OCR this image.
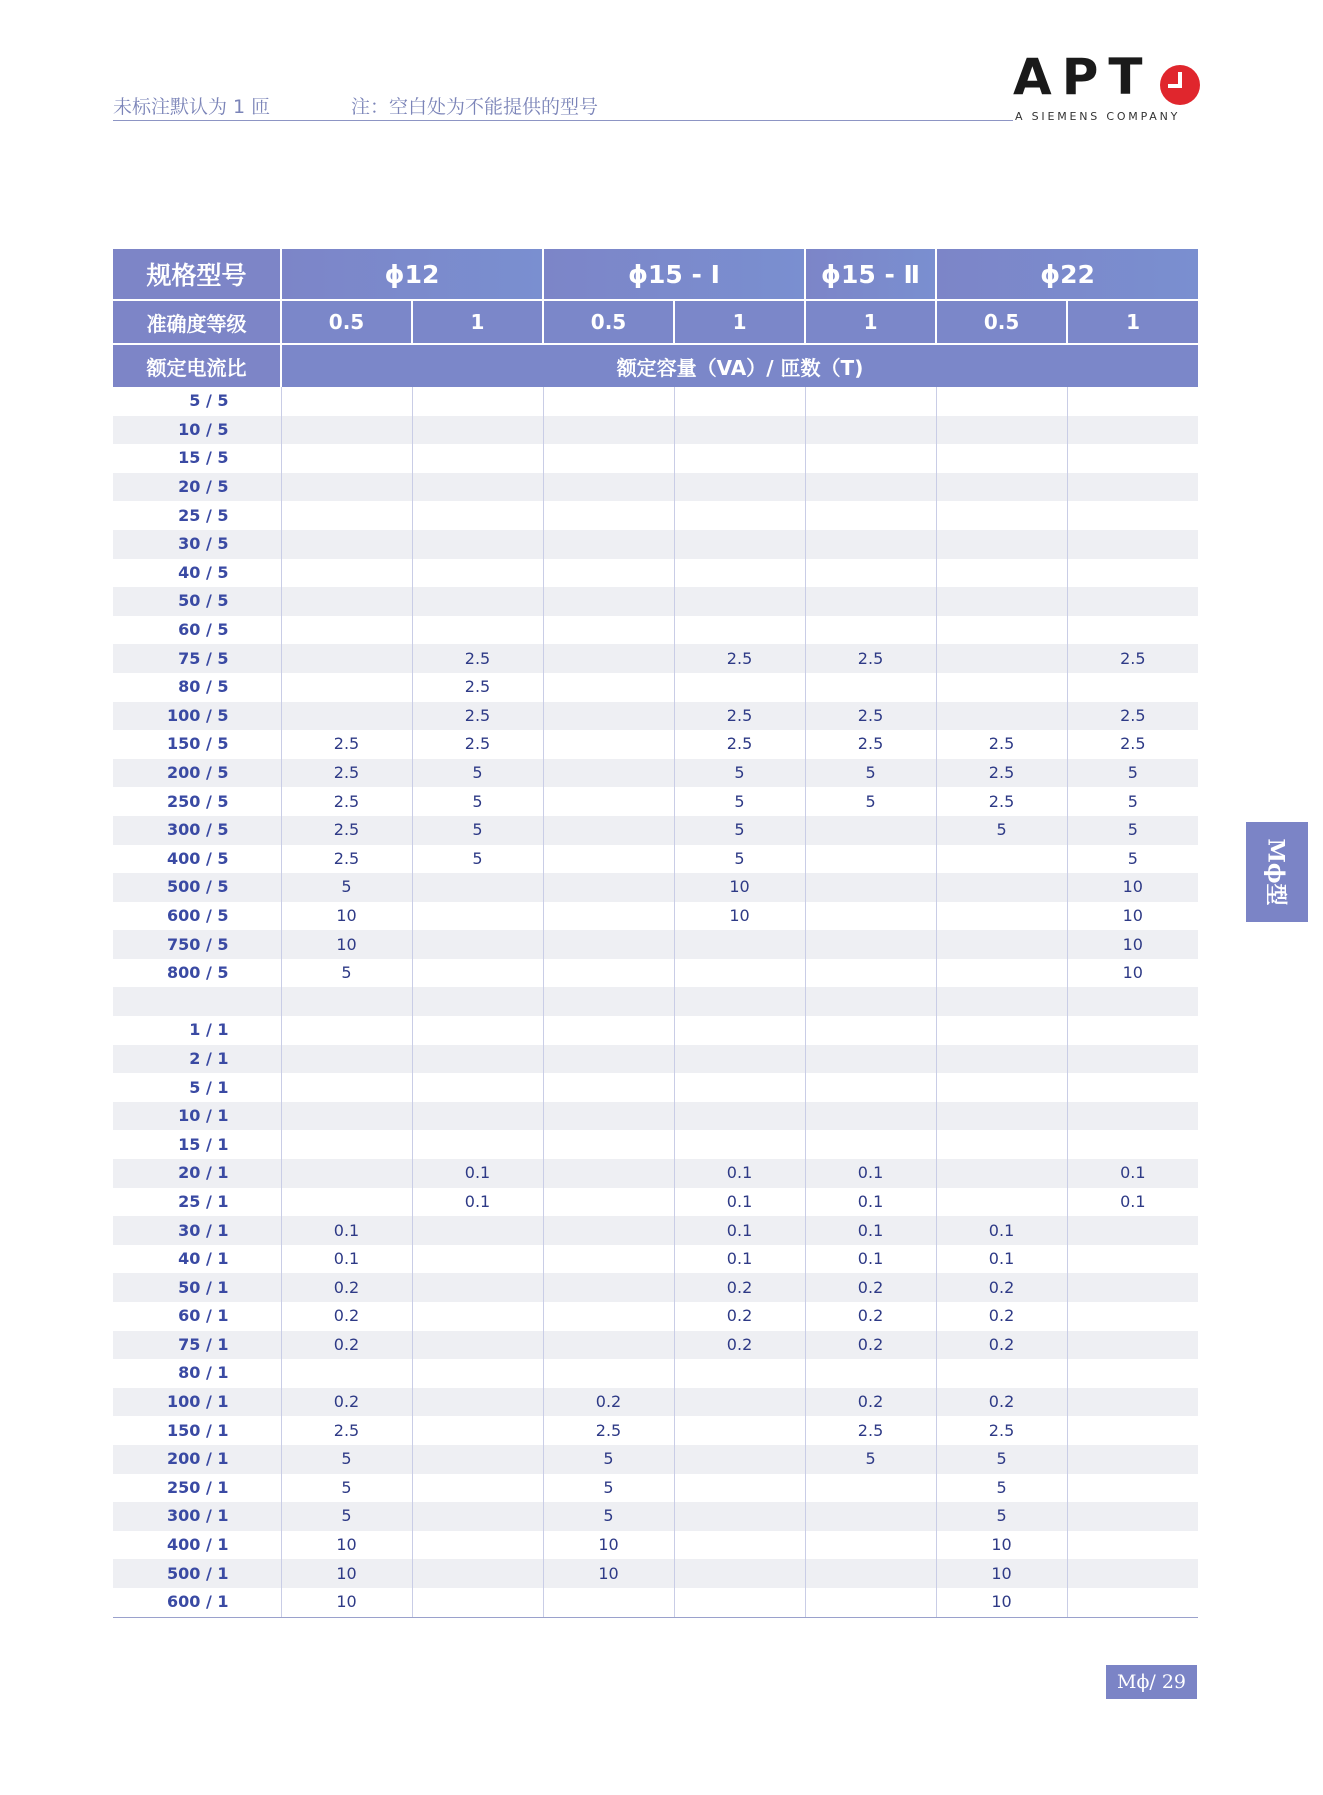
未标注默认为 1 匝	注：空白处为不能提供的型号
APT
A SIEMENS COMPANY
规格型号	ϕ12		ϕ15 - Ⅰ		ϕ15 - Ⅱ	ϕ22	
准确度等级	0.5	1	0.5	1	1	0.5	1
额定电流比	额定容量（VA）/ 匝数（T)						
5 / 5							
10 / 5							
15 / 5							
20 / 5							
25 / 5							
30 / 5							
40 / 5							
50 / 5							
60 / 5							
75 / 5		2.5		2.5	2.5		2.5
80 / 5		2.5					
100 / 5		2.5		2.5	2.5		2.5
150 / 5	2.5	2.5		2.5	2.5	2.5	2.5
200 / 5	2.5	5		5	5	2.5	5
250 / 5	2.5	5		5	5	2.5	5
300 / 5	2.5	5		5		5	5
400 / 5	2.5	5		5			5
500 / 5	5			10			10
600 / 5	10			10			10
750 / 5	10						10
800 / 5	5						10

1 / 1							
2 / 1							
5 / 1							
10 / 1							
15 / 1							
20 / 1		0.1		0.1	0.1		0.1
25 / 1		0.1		0.1	0.1		0.1
30 / 1	0.1			0.1	0.1	0.1	
40 / 1	0.1			0.1	0.1	0.1	
50 / 1	0.2			0.2	0.2	0.2	
60 / 1	0.2			0.2	0.2	0.2	
75 / 1	0.2			0.2	0.2	0.2	
80 / 1							
100 / 1	0.2		0.2		0.2	0.2	
150 / 1	2.5		2.5		2.5	2.5	
200 / 1	5		5		5	5	
250 / 1	5		5			5	
300 / 1	5		5			5	
400 / 1	10		10			10	
500 / 1	10		10			10	
600 / 1	10					10	
Mϕ型
Mϕ/ 29
